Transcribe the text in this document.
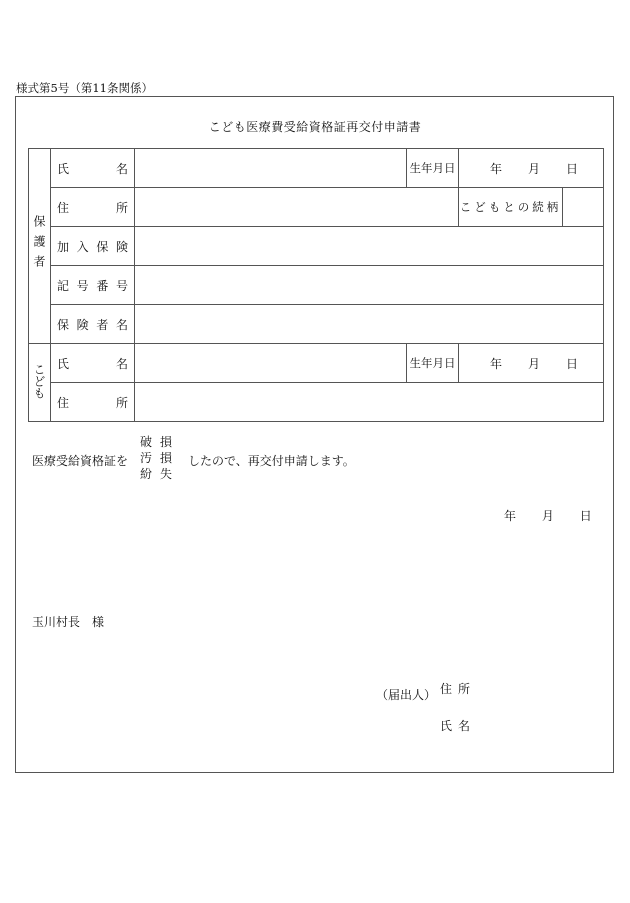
様式第5号（第11条関係）
こども医療費受給資格証再交付申請書
保護者	氏 名		生年月日	年 月 日	

	住 所			こどもとの続柄	

	加 入 保 険				

	記 号 番 号				

	保 険 者 名				

こども	氏 名		生年月日	年 月 日	

	住 所				

医療受給資格証を
破損
汚損
紛失
したので、再交付申請します。
年 月 日
玉川村長　様
（届出人） 住所
氏名
